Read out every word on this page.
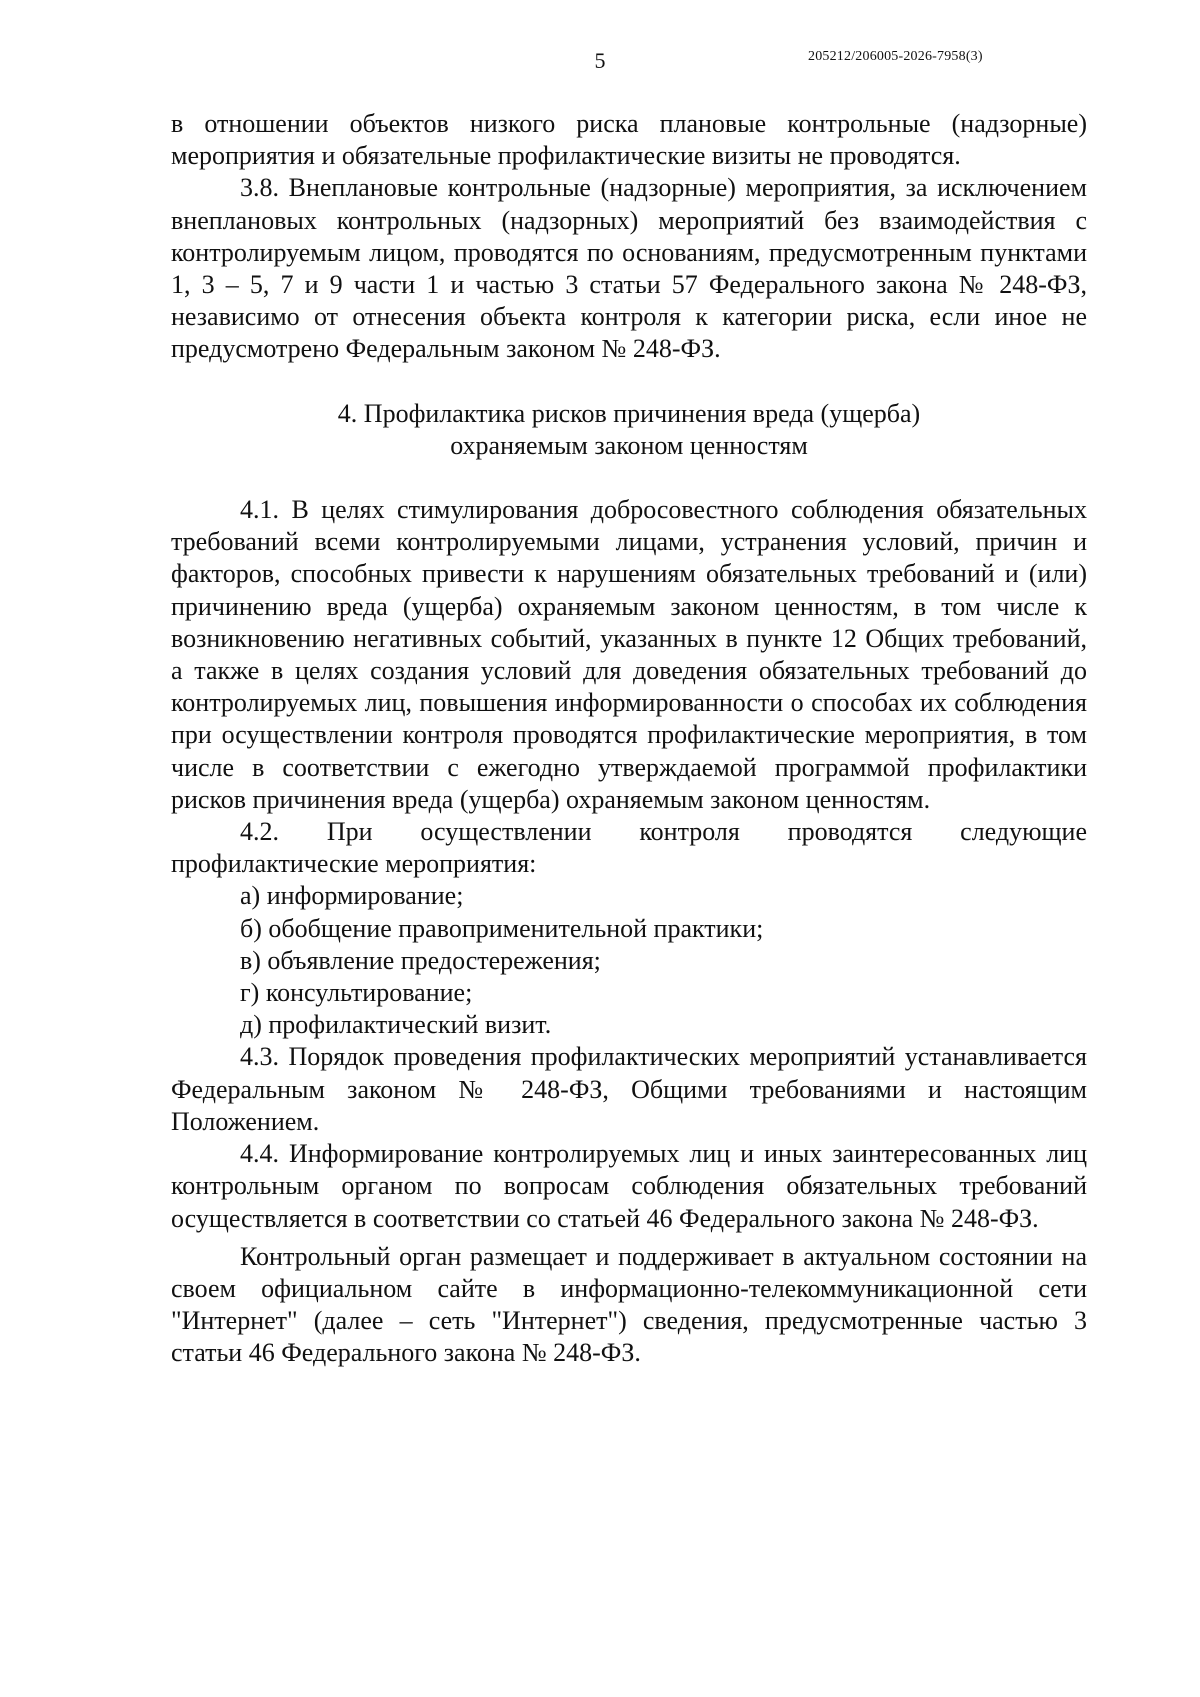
5	205212/206005-2026-7958(3)

в отношении объектов низкого риска плановые контрольные (надзорные) мероприятия и обязательные профилактические визиты не проводятся.

3.8. Внеплановые контрольные (надзорные) мероприятия, за исключением внеплановых контрольных (надзорных) мероприятий без взаимодействия с контролируемым лицом, проводятся по основаниям, предусмотренным пунктами 1, 3 – 5, 7 и 9 части 1 и частью 3 статьи 57 Федерального закона № 248-ФЗ, независимо от отнесения объекта контроля к категории риска, если иное не предусмотрено Федеральным законом № 248-ФЗ.

4. Профилактика рисков причинения вреда (ущерба)
охраняемым законом ценностям

4.1. В целях стимулирования добросовестного соблюдения обязательных требований всеми контролируемыми лицами, устранения условий, причин и факторов, способных привести к нарушениям обязательных требований и (или) причинению вреда (ущерба) охраняемым законом ценностям, в том числе к возникновению негативных событий, указанных в пункте 12 Общих требований, а также в целях создания условий для доведения обязательных требований до контролируемых лиц, повышения информированности о способах их соблюдения при осуществлении контроля проводятся профилактические мероприятия, в том числе в соответствии с ежегодно утверждаемой программой профилактики рисков причинения вреда (ущерба) охраняемым законом ценностям.

4.2. При осуществлении контроля проводятся следующие профилактические мероприятия:

а) информирование;

б) обобщение правоприменительной практики;

в) объявление предостережения;

г) консультирование;

д) профилактический визит.

4.3. Порядок проведения профилактических мероприятий устанавливается Федеральным законом № 248-ФЗ, Общими требованиями и настоящим Положением.

4.4. Информирование контролируемых лиц и иных заинтересованных лиц контрольным органом по вопросам соблюдения обязательных требований осуществляется в соответствии со статьей 46 Федерального закона № 248-ФЗ.

Контрольный орган размещает и поддерживает в актуальном состоянии на своем официальном сайте в информационно-телекоммуникационной сети "Интернет" (далее – сеть "Интернет") сведения, предусмотренные частью 3 статьи 46 Федерального закона № 248-ФЗ.
